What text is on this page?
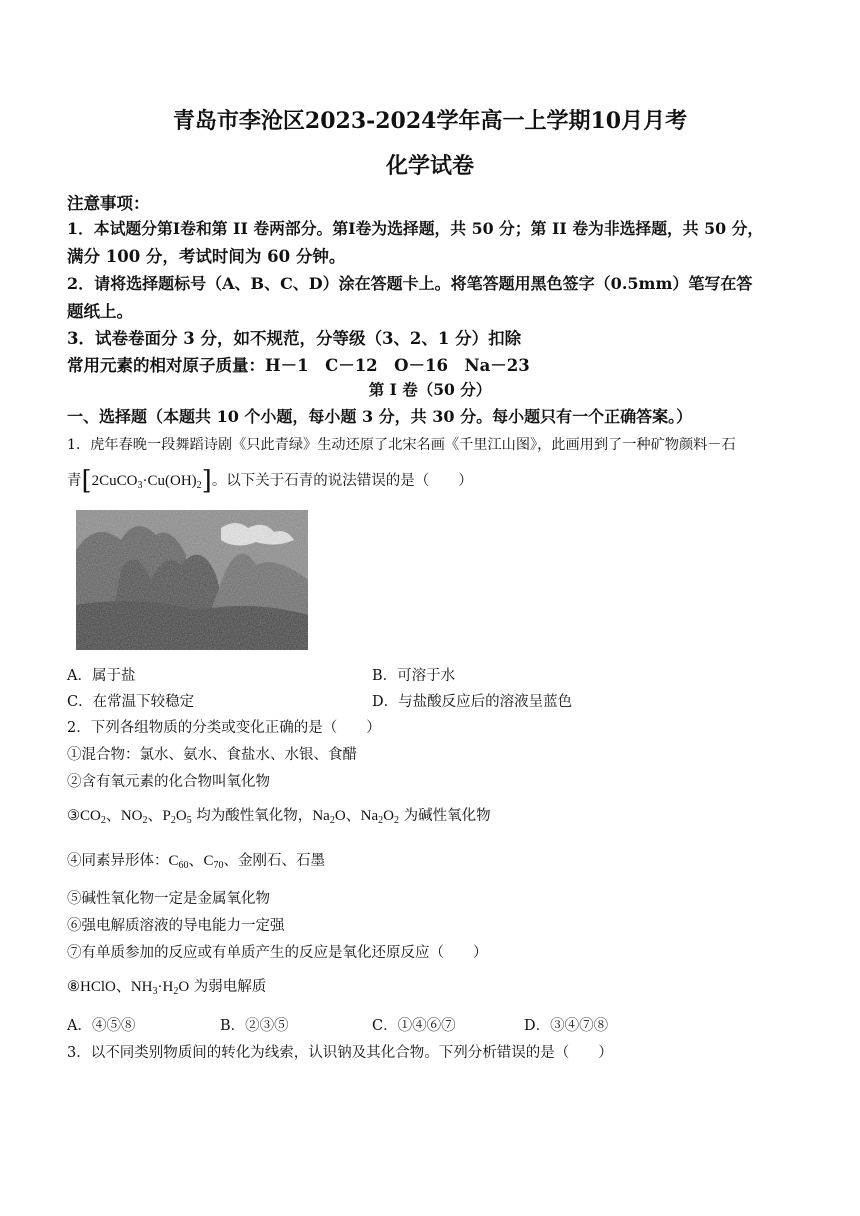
青岛市李沧区2023-2024学年高一上学期10月月考
化学试卷
注意事项：
1．本试题分第Ⅰ卷和第 II 卷两部分。第Ⅰ卷为选择题，共 50 分；第 II 卷为非选择题，共 50 分，
满分 100 分，考试时间为 60 分钟。
2．请将选择题标号（A、B、C、D）涂在答题卡上。将笔答题用黑色签字（0.5mm）笔写在答
题纸上。
3．试卷卷面分 3 分，如不规范，分等级（3、2、1 分）扣除
常用元素的相对原子质量：H－1　C－12　O－16　Na－23
第 I 卷（50 分）
一、选择题（本题共 10 个小题，每小题 3 分，共 30 分。每小题只有一个正确答案。）
1．虎年春晚一段舞蹈诗剧《只此青绿》生动还原了北宋名画《千里江山图》，此画用到了一种矿物颜料－石
青$[2CuCO_3\cdot Cu(OH)_2]$。以下关于石青的说法错误的是（　　）
A．属于盐	B．可溶于水
C．在常温下较稳定	D．与盐酸反应后的溶液呈蓝色
2．下列各组物质的分类或变化正确的是（　　）
①混合物：氯水、氨水、食盐水、水银、食醋
②含有氧元素的化合物叫氧化物
$③CO_2$、$NO_2$、$P_2O_5$ 均为酸性氧化物，$Na_2O$、$Na_2O_2$ 为碱性氧化物
④同素异形体：$C_{60}$、$C_{70}$、金刚石、石墨
⑤碱性氧化物一定是金属氧化物
⑥强电解质溶液的导电能力一定强
⑦有单质参加的反应或有单质产生的反应是氧化还原反应（　　）
⑧HClO、$NH_3\cdot H_2O$ 为弱电解质
A．④⑤⑧	B．②③⑤	C．①④⑥⑦	D．③④⑦⑧
3．以不同类别物质间的转化为线索，认识钠及其化合物。下列分析错误的是（　　）
